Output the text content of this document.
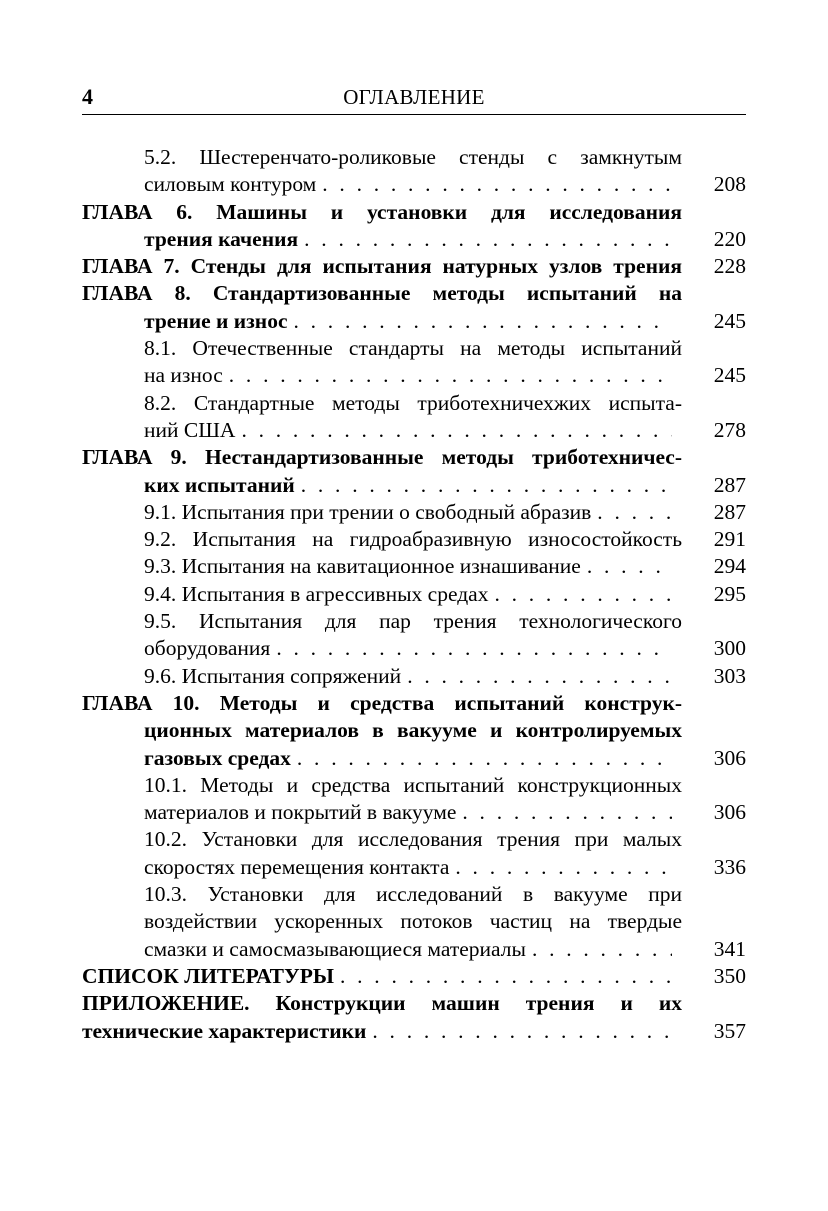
4	ОГЛАВЛЕНИЕ
5.2. Шестеренчато-роликовые стенды с замкнутым
силовым контуром . . .	208
ГЛАВА 6. Машины и установки для исследования
трения качения . . .	220
ГЛАВА 7. Стенды для испытания натурных узлов трения	228
ГЛАВА 8. Стандартизованные методы испытаний на
трение и износ . . .	245
8.1. Отечественные стандарты на методы испытаний
на износ . . .	245
8.2. Стандартные методы триботехничехжих испыта-
ний США . . .	278
ГЛАВА 9. Нестандартизованные методы триботехничес-
ких испытаний . . .	287
9.1. Испытания при трении о свободный абразив . . .	287
9.2. Испытания на гидроабразивную износостойкость	291
9.3. Испытания на кавитационное изнашивание . . .	294
9.4. Испытания в агрессивных средах . . .	295
9.5. Испытания для пар трения технологического
оборудования . . .	300
9.6. Испытания сопряжений . . .	303
ГЛАВА 10. Методы и средства испытаний конструк-
ционных материалов в вакууме и контролируемых
газовых средах . . .	306
10.1. Методы и средства испытаний конструкционных
материалов и покрытий в вакууме . . .	306
10.2. Установки для исследования трения при малых
скоростях перемещения контакта . . .	336
10.3. Установки для исследований в вакууме при
воздействии ускоренных потоков частиц на твердые
смазки и самосмазывающиеся материалы . . .	341
СПИСОК ЛИТЕРАТУРЫ . . .	350
ПРИЛОЖЕНИЕ. Конструкции машин трения и их
технические характеристики . . .	357
